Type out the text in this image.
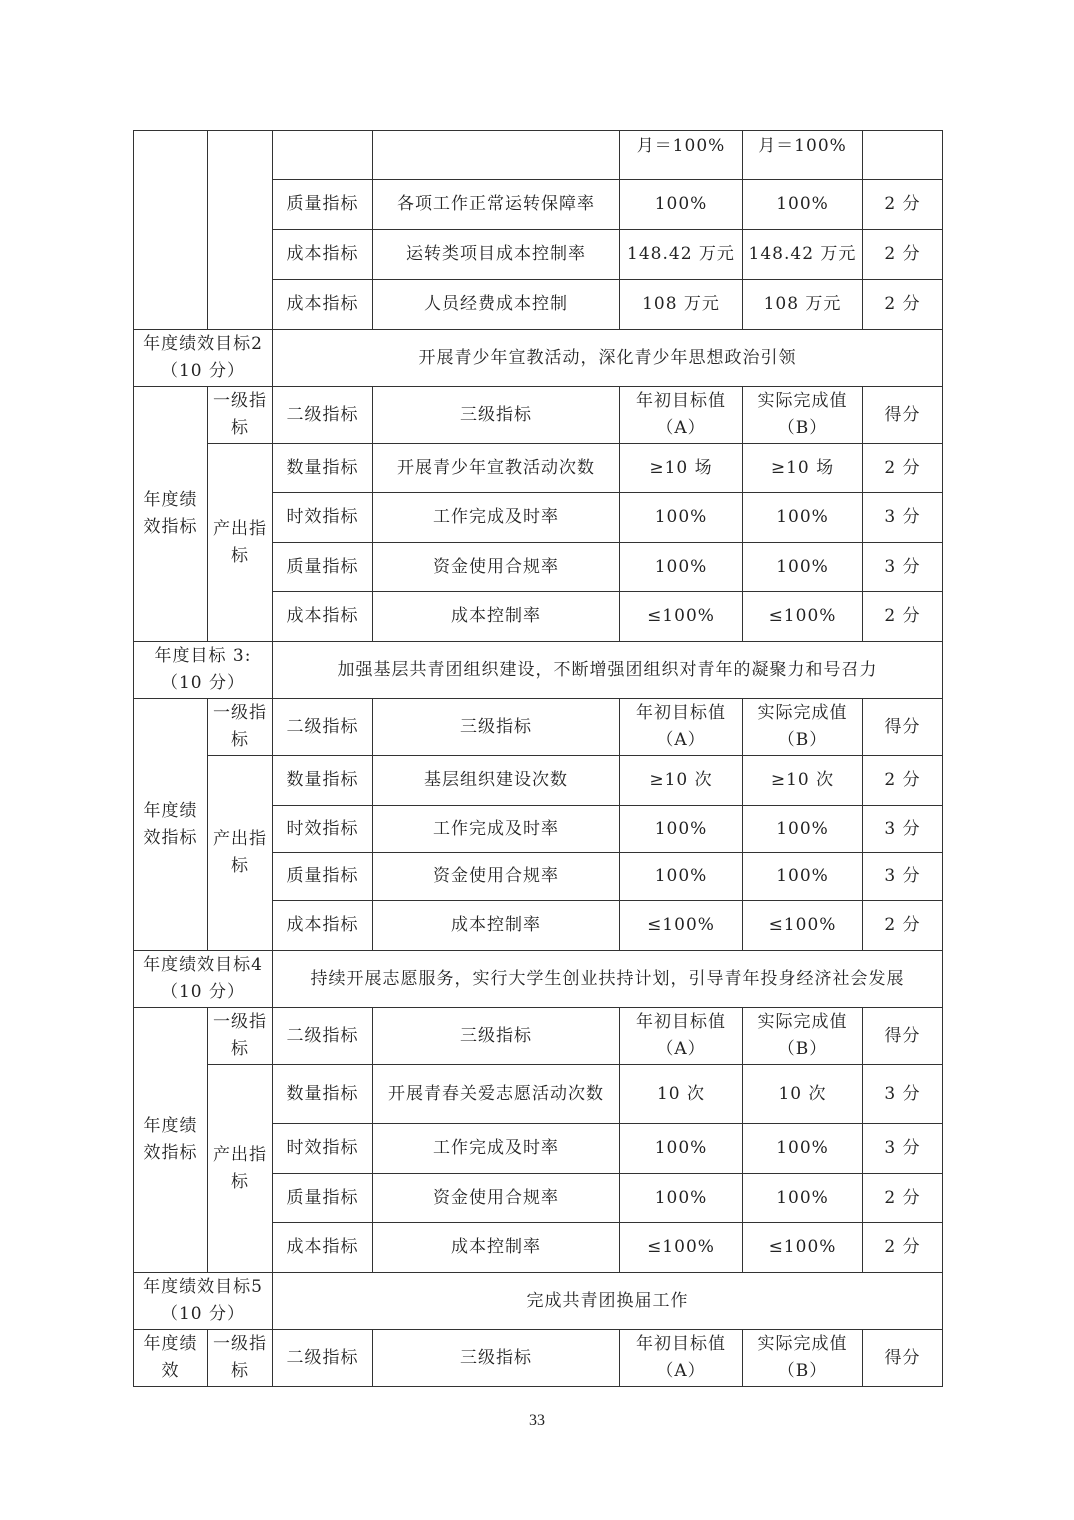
				月＝100%	月＝100%	
		质量指标	各项工作正常运转保障率	100%	100%	2 分
		成本指标	运转类项目成本控制率	148.42 万元	148.42 万元	2 分
		成本指标	人员经费成本控制	108 万元	108 万元	2 分
年度绩效目标2（10 分）		开展青少年宣教活动，深化青少年思想政治引领				
年度绩效指标	一级指标	二级指标	三级指标	年初目标值（A）	实际完成值（B）	得分
	产出指标	数量指标	开展青少年宣教活动次数	≥10 场	≥10 场	2 分
		时效指标	工作完成及时率	100%	100%	3 分
		质量指标	资金使用合规率	100%	100%	3 分
		成本指标	成本控制率	≤100%	≤100%	2 分
年度目标 3:（10 分）		加强基层共青团组织建设，不断增强团组织对青年的凝聚力和号召力				
年度绩效指标	一级指标	二级指标	三级指标	年初目标值（A）	实际完成值（B）	得分
	产出指标	数量指标	基层组织建设次数	≥10 次	≥10 次	2 分
		时效指标	工作完成及时率	100%	100%	3 分
		质量指标	资金使用合规率	100%	100%	3 分
		成本指标	成本控制率	≤100%	≤100%	2 分
年度绩效目标4（10 分）		持续开展志愿服务，实行大学生创业扶持计划，引导青年投身经济社会发展				
年度绩效指标	一级指标	二级指标	三级指标	年初目标值（A）	实际完成值（B）	得分
	产出指标	数量指标	开展青春关爱志愿活动次数	10 次	10 次	3 分
		时效指标	工作完成及时率	100%	100%	3 分
		质量指标	资金使用合规率	100%	100%	2 分
		成本指标	成本控制率	≤100%	≤100%	2 分
年度绩效目标5（10 分）		完成共青团换届工作				
年度绩效	一级指标	二级指标	三级指标	年初目标值（A）	实际完成值（B）	得分
33
